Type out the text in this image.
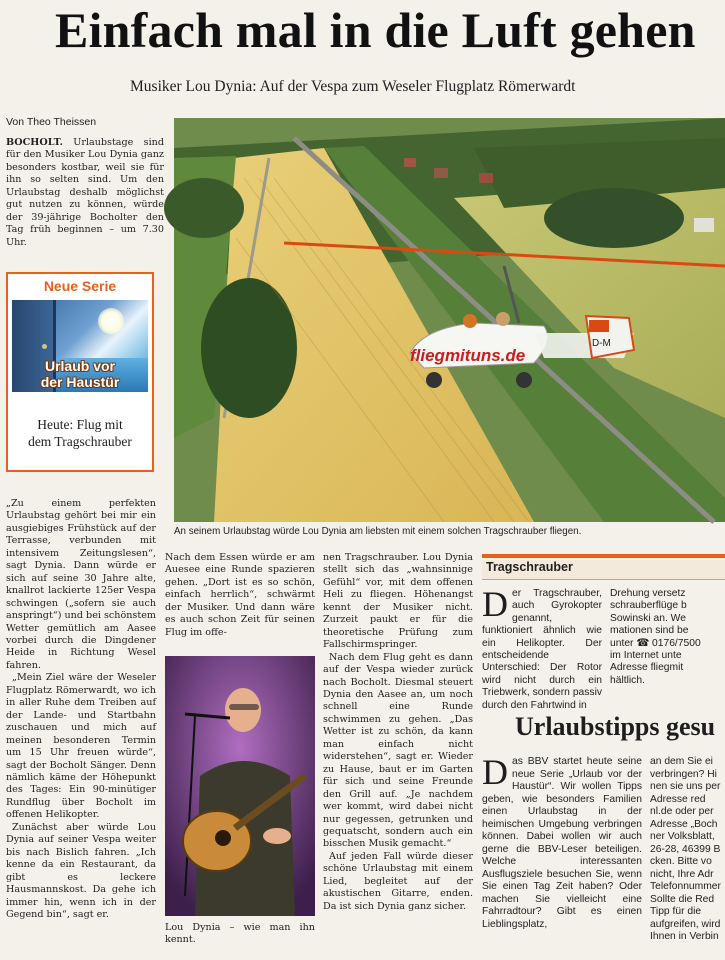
Einfach mal in die Luft gehen
Musiker Lou Dynia: Auf der Vespa zum Weseler Flugplatz Römerwardt
Von Theo Theissen

BOCHOLT. Urlaubstage sind für den Musiker Lou Dynia ganz besonders kostbar, weil sie für ihn so selten sind. Um den Urlaubstag deshalb möglichst gut nutzen zu können, würde der 39-jährige Bocholter den Tag früh beginnen – um 7.30 Uhr.

Neue Serie
Urlaub vor
der Haustür
Heute: Flug mit
dem Tragschrauber
D-M
fliegmituns.de
An seinem Urlaubstag würde Lou Dynia am liebsten mit einem solchen Tragschrauber fliegen.

„Zu einem perfekten Urlaubstag gehört bei mir ein ausgiebiges Frühstück auf der Terrasse, verbunden mit intensivem Zeitungslesen“, sagt Dynia. Dann würde er sich auf seine 30 Jahre alte, knallrot lackierte 125er Vespa schwingen („sofern sie auch anspringt“) und bei schönstem Wetter gemütlich am Aasee vorbei durch die Dingdener Heide in Richtung Wesel fahren.

„Mein Ziel wäre der Weseler Flugplatz Römerwardt, wo ich in aller Ruhe dem Treiben auf der Lande- und Startbahn zuschauen und mich auf meinen besonderen Termin um 15 Uhr freuen würde“, sagt der Bocholt Sänger. Denn nämlich käme der Höhepunkt des Tages: Ein 90-minütiger Rundflug über Bocholt im offenen Helikopter.

Zunächst aber würde Lou Dynia auf seiner Vespa weiter bis nach Bislich fahren. „Ich kenne da ein Restaurant, da gibt es leckere Hausmannskost. Da gehe ich immer hin, wenn ich in der Gegend bin“, sagt er.

Nach dem Essen würde er am Auesee eine Runde spazieren gehen. „Dort ist es so schön, einfach herrlich“, schwärmt der Musiker. Und dann wäre es auch schon Zeit für seinen Flug im offe-

Lou Dynia – wie man ihn kennt.

nen Tragschrauber. Lou Dynia stellt sich das „wahnsinnige Gefühl“ vor, mit dem offenen Heli zu fliegen. Höhenangst kennt der Musiker nicht. Zurzeit paukt er für die theoretische Prüfung zum Fallschirmspringer.

Nach dem Flug geht es dann auf der Vespa wieder zurück nach Bocholt. Diesmal steuert Dynia den Aasee an, um noch schnell eine Runde schwimmen zu gehen. „Das Wetter ist zu schön, da kann man einfach nicht widerstehen“, sagt er. Wieder zu Hause, baut er im Garten für sich und seine Freunde den Grill auf. „Je nachdem wer kommt, wird dabei nicht nur gegessen, getrunken und gequatscht, sondern auch ein bisschen Musik gemacht.“

Auf jeden Fall würde dieser schöne Urlaubstag mit einem Lied, begleitet auf der akustischen Gitarre, enden. Da ist sich Dynia ganz sicher.

Tragschrauber
Der Tragschrauber, auch Gyrokopter genannt, funktioniert ähnlich wie ein Helikopter. Der entscheidende Unterschied: Der Rotor wird nicht durch ein Triebwerk, sondern passiv durch den Fahrtwind in
Drehung versetz
schrauberflüge b
Sowinski an. We
mationen sind be
unter ☎ 0176/7500
im Internet unte
Adresse fliegmit
hältlich.
Urlaubstipps gesu
Das BBV startet heute seine neue Serie „Urlaub vor der Haustür“. Wir wollen Tipps geben, wie besonders Familien einen Urlaubstag in der heimischen Umgebung verbringen können. Dabei wollen wir auch gerne die BBV-Leser beteiligen. Welche interessanten Ausflugsziele besuchen Sie, wenn Sie einen Tag Zeit haben? Oder machen Sie vielleicht eine Fahrradtour? Gibt es einen Lieblingsplatz,
an dem Sie ei
verbringen? Hi
nen sie uns per
Adresse red
nl.de oder per
Adresse „Boch
ner Volksblatt,
26-28, 46399 B
cken. Bitte vo
nicht, Ihre Adr
Telefonnummer
Sollte die Red
Tipp für die
aufgreifen, wird
Ihnen in Verbin
